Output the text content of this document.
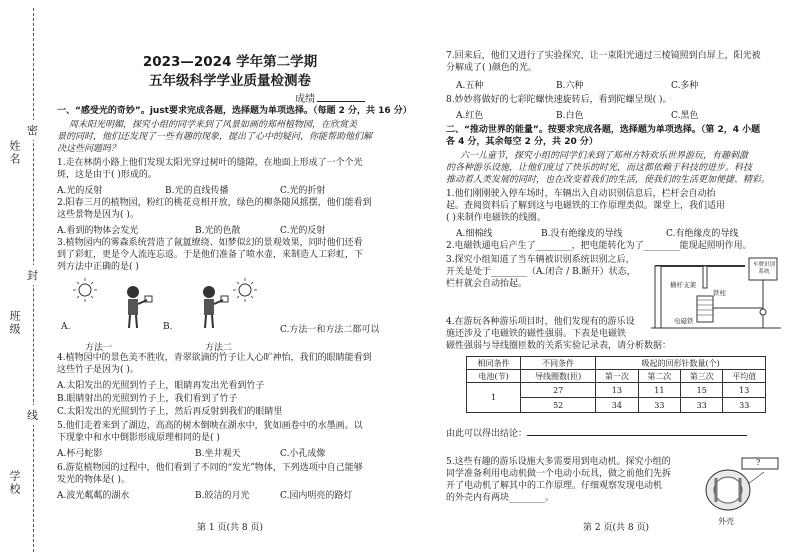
姓名
班级
学校
密
封
线
2023—2024 学年第二学期
五年级科学学业质量检测卷
成绩
一、“感受光的奇妙”。just要求完成各题，选择题为单项选择。（每题 2 分，共 16 分）
周末阳光明媚，探究小组的同学来到了风景如画的郑州植物园，在欣赏美
景的同时，他们还发现了一些有趣的现象，提出了心中的疑问，你能帮助他们解
决这些问题吗？
1.走在林荫小路上他们发现太阳光穿过树叶的缝隙，在地面上形成了一个个光
斑，这是由于( )形成的。
A.光的反射	B.光的直线传播	C.光的折射
2.阳春三月的植物园，粉红的桃花竞相开放，绿色的柳条随风摇摆，他们能看到
这些景物是因为( )。
A.看到的物体会发光	B.光的色散	C.光的反射
3.植物园内的雾森系统营造了氤氲缭绕、如梦似幻的景观效果，同时他们还看
到了彩虹，更是令人流连忘返。于是他们准备了喷水壶，来制造人工彩虹，下
列方法中正确的是( )
A.
方法一
B.
方法二
C.方法一和方法二都可以
4.植物园中的景色美不胜收，青翠欲滴的竹子让人心旷神怡，我们的眼睛能看到
这些竹子是因为( )。
A.太阳发出的光照到竹子上，眼睛再发出光看到竹子
B.眼睛射出的光照到竹子上，我们看到了竹子
C.太阳发出的光照到竹子上，然后再反射到我们的眼睛里
5.他们走着来到了湖边，高高的树木倒映在湖水中，犹如画卷中的水墨画。以
下现象中和水中倒影形成原理相同的是( )
A.杯弓蛇影	B.坐井观天	C.小孔成像
6.游览植物园的过程中，他们看到了不同的“发光”物体，下列选项中自己能够
发光的物体是( )。
A.波光粼粼的湖水	B.皎洁的月光	C.园内明亮的路灯
第 1 页(共 8 页)
7.回来后，他们又进行了实验探究，让一束阳光通过三棱镜照到白屏上，阳光被
分解成了( )颜色的光。
A.五种	B.六种	C.多种
8.妙妙将做好的七彩陀螺快速旋转后，看到陀螺呈现( )。
A.红色	B.白色	C.黑色
二、“推动世界的能量”。按要求完成各题，选择题为单项选择。（第 2，4 小题
各 4 分，其余每空 2 分，共 20 分）
六一儿童节，探究小组的同学们来到了郑州方特欢乐世界游玩，有趣刺激
的各种游乐设施，让他们度过了快乐的时光，而这都依赖于科技的进步。科技
推动着人类发展的同时，也在改变着我们的生活，使我们的生活更加便捷、精彩。
1.他们刚刚驶入停车场时，车辆出入自动识别信息后，栏杆会自动抬
起。查阅资料后了解到这与电磁铁的工作原理类似。课堂上，我们适用
( )来制作电磁铁的线圈。
A.细棉线	B.没有绝缘皮的导线	C.有绝缘皮的导线
2.电磁铁通电后产生了________，把电能转化为了________能现起照明作用。
3.探究小组知道了当车辆被识别系统识别之后，
开关是处于________（A.闭合 / B.断开）状态，
栏杆就会自动抬起。	横杆支架
铁柱
车牌识别系统
电磁铁
4.在游玩各种游乐项目时，他们发现有的游乐设
施还涉及了电磁铁的磁性强弱。下表是电磁铁
磁性强弱与导线圈匝数的关系实验记录表，请分析数据：
相同条件	不同条件	吸起的回形针数量(个)			
电池(节)	导线圈数(匝)	第一次	第二次	第三次	平均值
1	27	13	11	15	13
	52	34	33	33	33
由此可以得出结论：
5.这些有趣的游乐设施大多需要用到电动机。探究小组的
同学准备利用电动机做一个电动小玩具，做之前他们先拆
开了电动机了解其中的工作原理。仔细观察发现电动机
的外壳内有两块________。
?
外壳
第 2 页(共 8 页)
